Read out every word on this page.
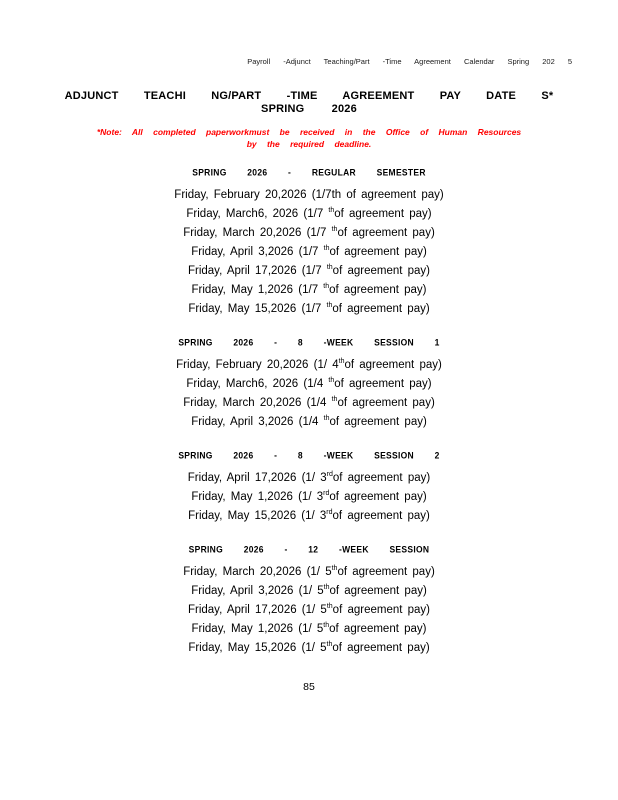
Payroll -Adjunct Teaching/Part -Time Agreement Calendar Spring 202 5
ADJUNCT TEACHI NG/PART -TIME AGREEMENT PAY DATE S*
SPRING 2026
*Note: All completed paperworkmust be received in the Office of Human Resources
by the required deadline.
SPRING 2026 - REGULAR SEMESTER
Friday, February 20,2026 (1/7th of agreement pay)
Friday, March6, 2026 (1/7 $^{th}$of agreement pay)
Friday, March 20,2026 (1/7 $^{th}$of agreement pay)
Friday, April 3,2026 (1/7 $^{th}$of agreement pay)
Friday, April 17,2026 (1/7 $^{th}$of agreement pay)
Friday, May 1,2026 (1/7 $^{th}$of agreement pay)
Friday, May 15,2026 (1/7 $^{th}$of agreement pay)
SPRING 2026 - 8 -WEEK SESSION 1
Friday, February 20,2026 (1/ 4thof agreement pay)
Friday, March6, 2026 (1/4 $^{th}$of agreement pay)
Friday, March 20,2026 (1/4 $^{th}$of agreement pay)
Friday, April 3,2026 (1/4 $^{th}$of agreement pay)
SPRING 2026 - 8 -WEEK SESSION 2
Friday, April 17,2026 (1/ 3rdof agreement pay)
Friday, May 1,2026 (1/ 3rdof agreement pay)
Friday, May 15,2026 (1/ 3rdof agreement pay)
SPRING 2026 - 12 -WEEK SESSION
Friday, March 20,2026 (1/ 5thof agreement pay)
Friday, April 3,2026 (1/ 5thof agreement pay)
Friday, April 17,2026 (1/ 5thof agreement pay)
Friday, May 1,2026 (1/ 5thof agreement pay)
Friday, May 15,2026 (1/ 5thof agreement pay)
85
